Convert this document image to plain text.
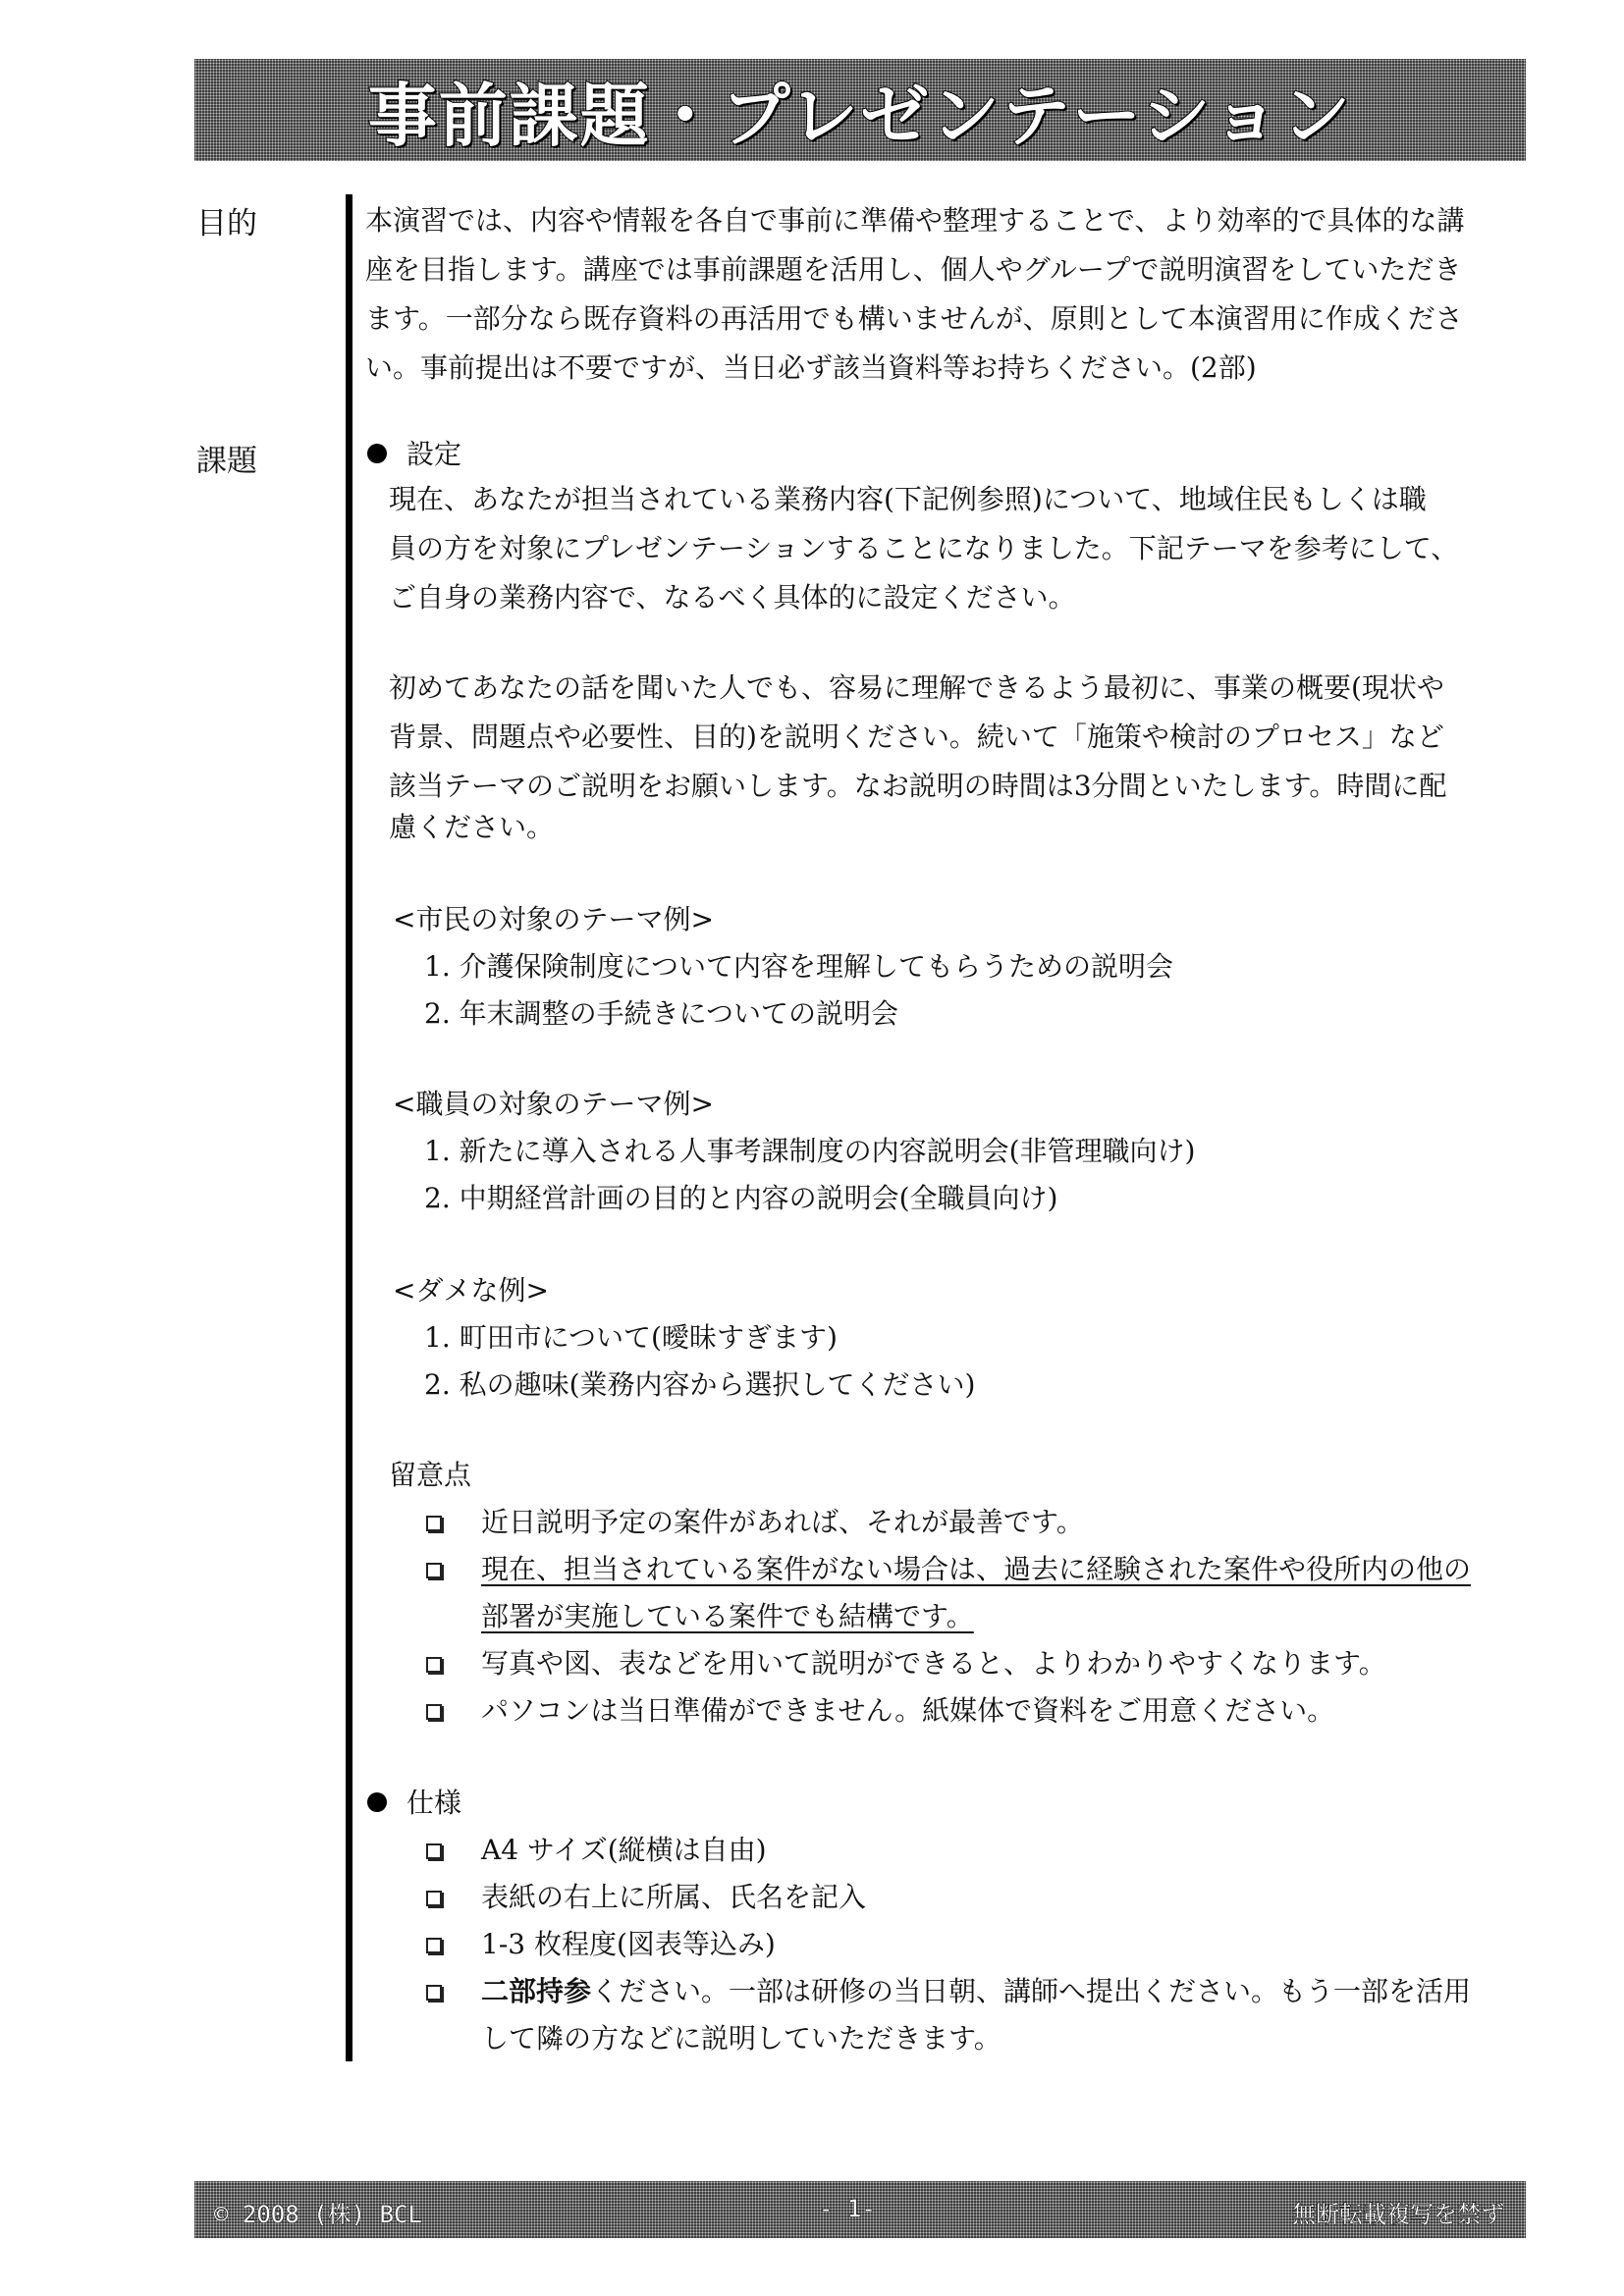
事前課題・プレゼンテーション
目的	本演習では、内容や情報を各自で事前に準備や整理することで、より効率的で具体的な講
座を目指します。講座では事前課題を活用し、個人やグループで説明演習をしていただき
ます。一部分なら既存資料の再活用でも構いませんが、原則として本演習用に作成くださ
い。事前提出は不要ですが、当日必ず該当資料等お持ちください。(2部)
課題	設定
現在、あなたが担当されている業務内容(下記例参照)について、地域住民もしくは職
員の方を対象にプレゼンテーションすることになりました。下記テーマを参考にして、
ご自身の業務内容で、なるべく具体的に設定ください。
初めてあなたの話を聞いた人でも、容易に理解できるよう最初に、事業の概要(現状や
背景、問題点や必要性、目的)を説明ください。続いて「施策や検討のプロセス」など
該当テーマのご説明をお願いします。なお説明の時間は3分間といたします。時間に配
慮ください。
<市民の対象のテーマ例>
1. 介護保険制度について内容を理解してもらうための説明会
2. 年末調整の手続きについての説明会
<職員の対象のテーマ例>
1. 新たに導入される人事考課制度の内容説明会(非管理職向け)
2. 中期経営計画の目的と内容の説明会(全職員向け)
<ダメな例>
1. 町田市について(曖昧すぎます)
2. 私の趣味(業務内容から選択してください)
留意点
近日説明予定の案件があれば、それが最善です。
現在、担当されている案件がない場合は、過去に経験された案件や役所内の他の
部署が実施している案件でも結構です。
写真や図、表などを用いて説明ができると、よりわかりやすくなります。
パソコンは当日準備ができません。紙媒体で資料をご用意ください。
仕様
A4 サイズ(縦横は自由)
表紙の右上に所属、氏名を記入
1-3 枚程度(図表等込み)
二部持参ください。一部は研修の当日朝、講師へ提出ください。もう一部を活用
して隣の方などに説明していただきます。
© 2008 (株) BCL	- 1-	無断転載複写を禁ず
